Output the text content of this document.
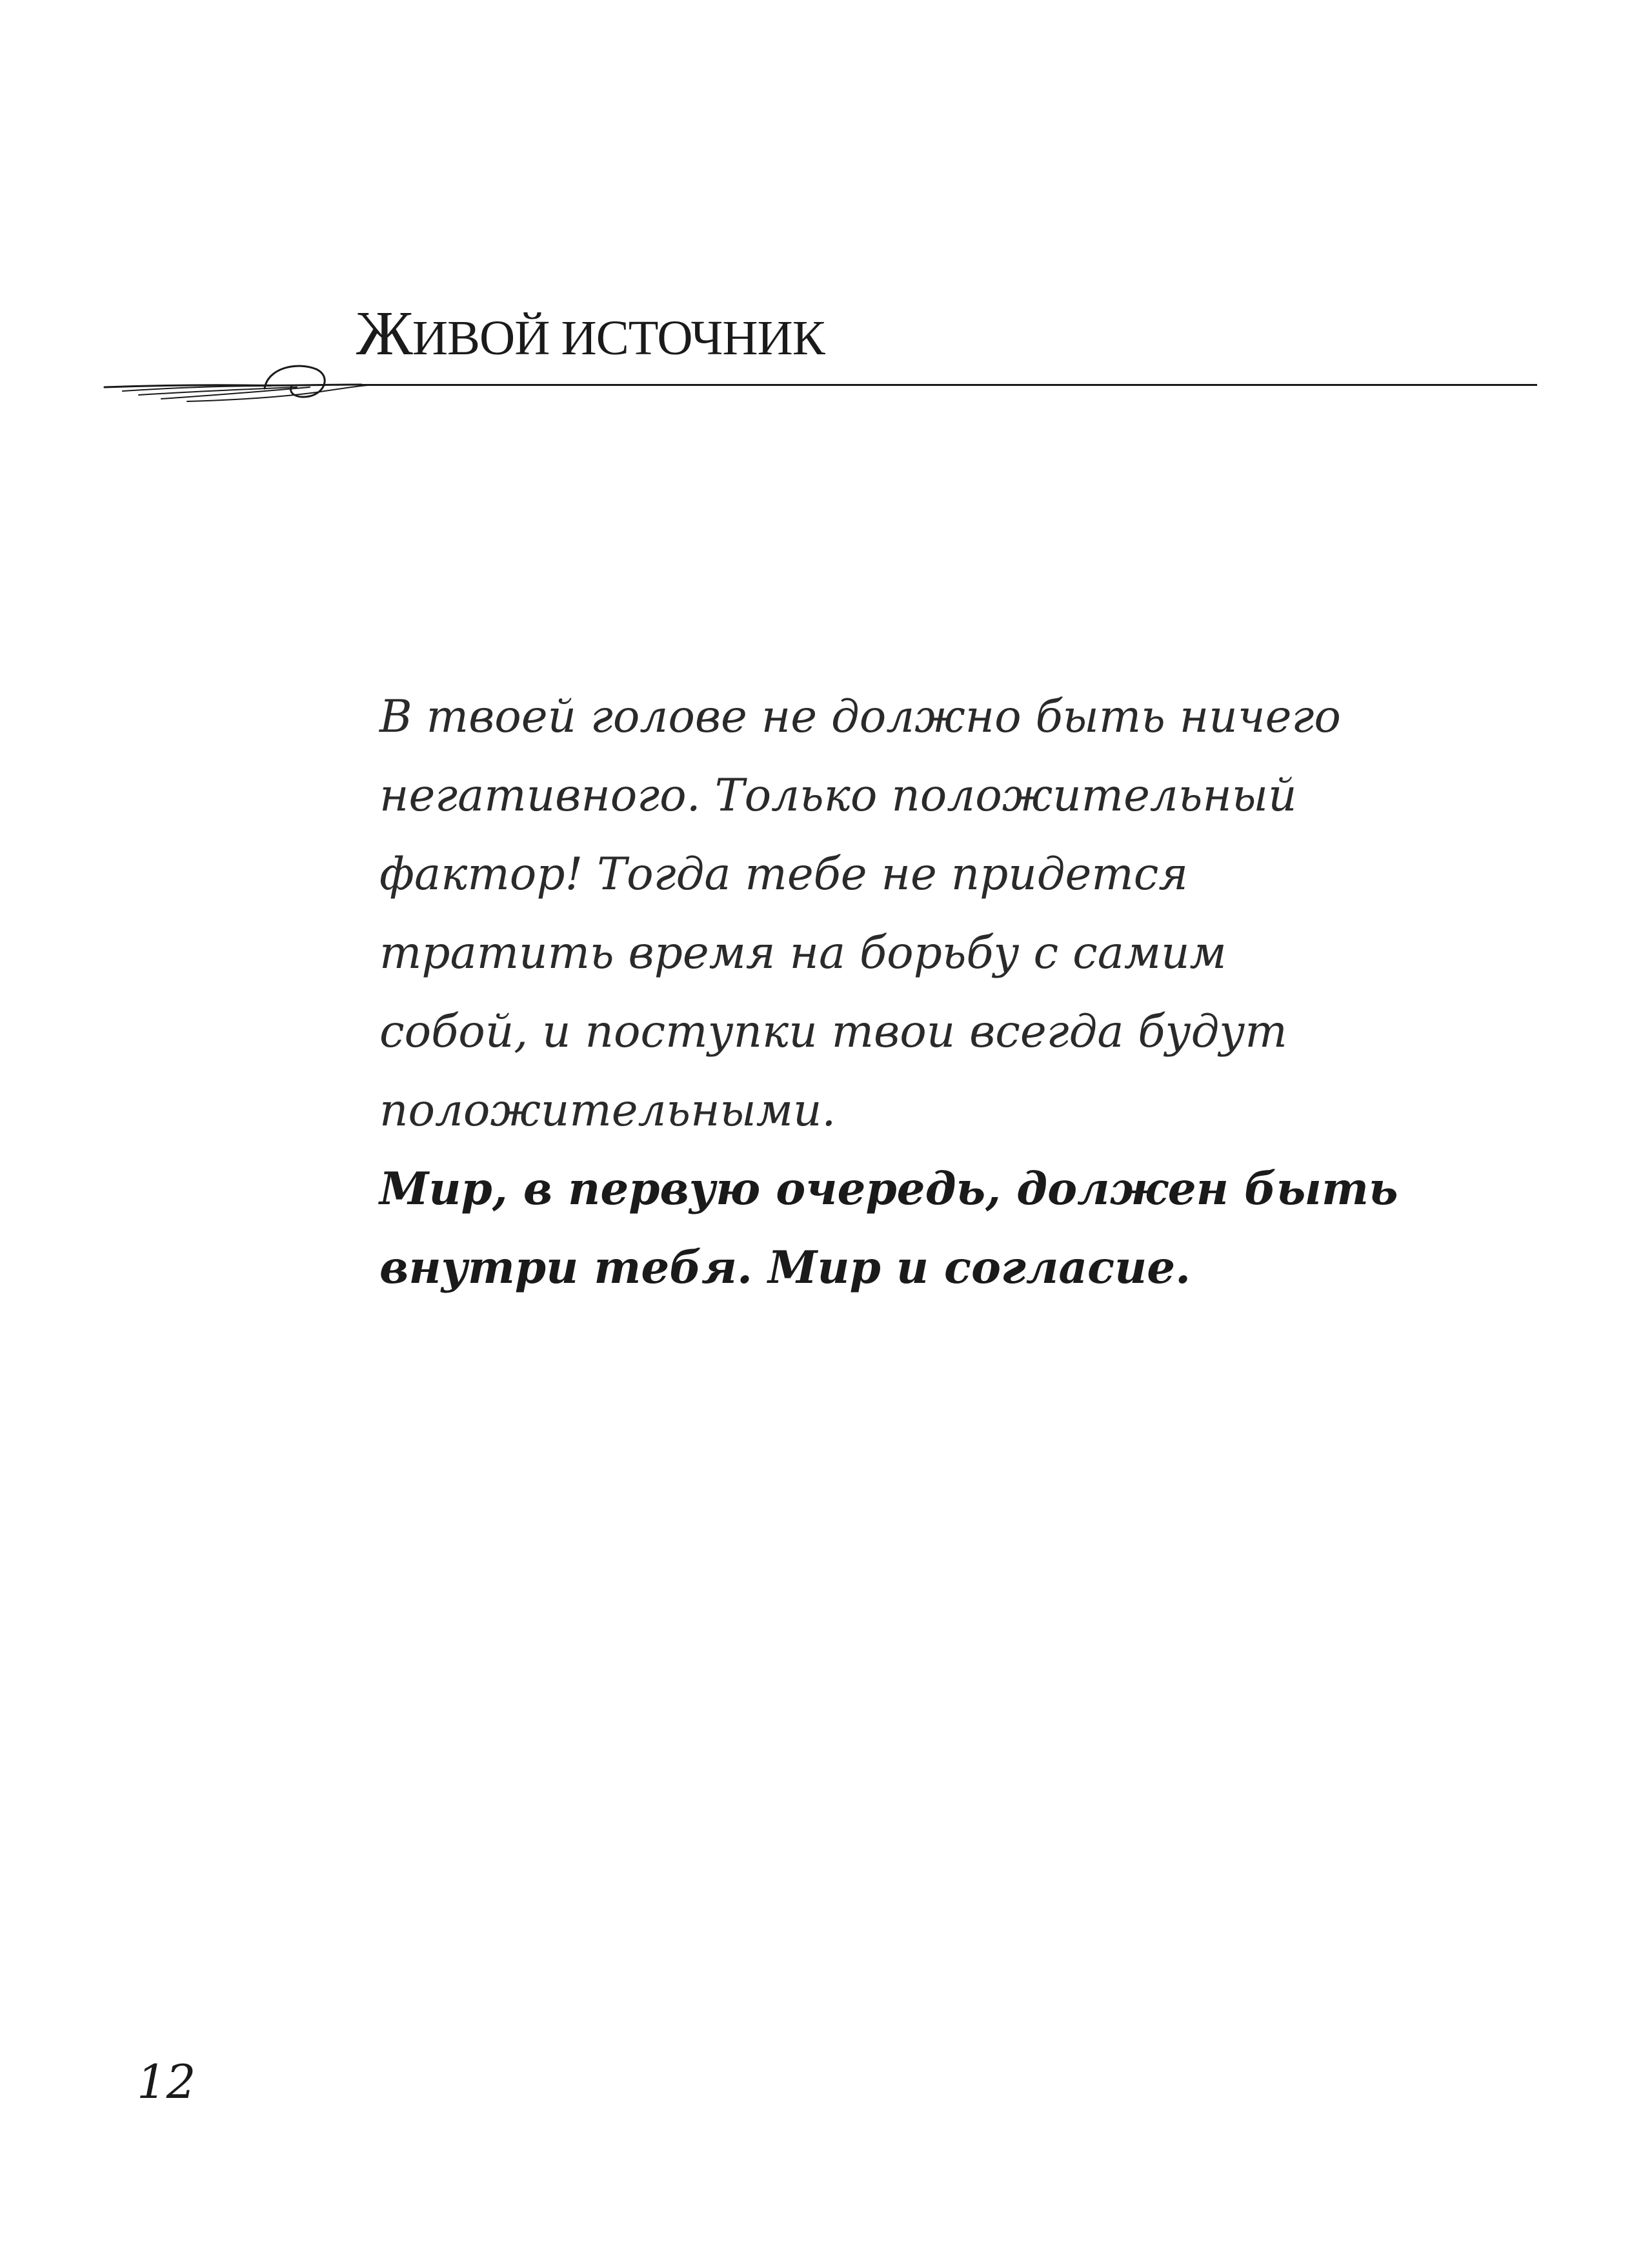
ЖИВОЙ ИСТОЧНИК
В твоей голове не должно быть ничего
негативного. Только положительный
фактор! Тогда тебе не придется
тратить время на борьбу с самим
собой, и поступки твои всегда будут
положительными.
Мир, в первую очередь, должен быть
внутри тебя. Мир и согласие.
12
